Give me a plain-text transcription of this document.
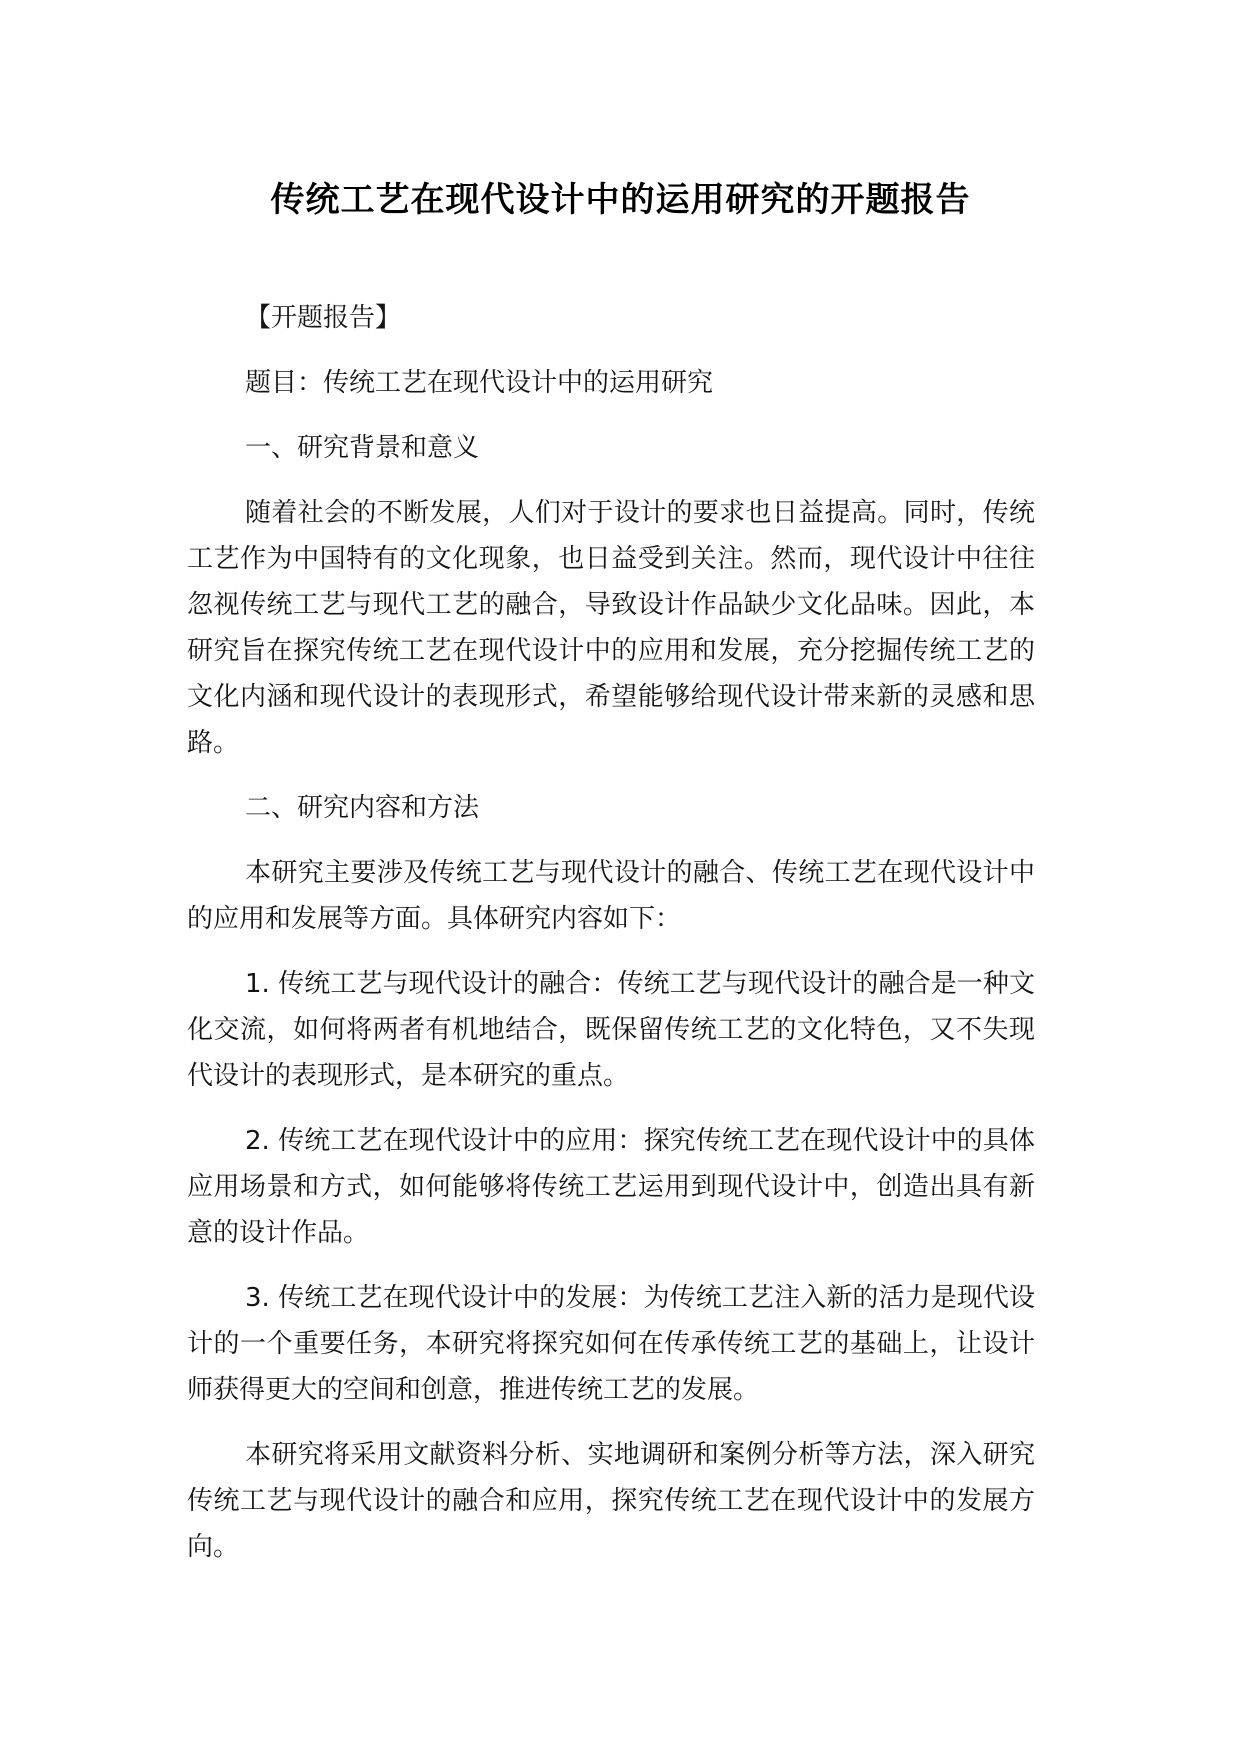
传统工艺在现代设计中的运用研究的开题报告

【开题报告】

题目：传统工艺在现代设计中的运用研究

一、研究背景和意义

随着社会的不断发展，人们对于设计的要求也日益提高。同时，传统工艺作为中国特有的文化现象，也日益受到关注。然而，现代设计中往往忽视传统工艺与现代工艺的融合，导致设计作品缺少文化品味。因此，本研究旨在探究传统工艺在现代设计中的应用和发展，充分挖掘传统工艺的文化内涵和现代设计的表现形式，希望能够给现代设计带来新的灵感和思路。

二、研究内容和方法

本研究主要涉及传统工艺与现代设计的融合、传统工艺在现代设计中的应用和发展等方面。具体研究内容如下：

1. 传统工艺与现代设计的融合：传统工艺与现代设计的融合是一种文化交流，如何将两者有机地结合，既保留传统工艺的文化特色，又不失现代设计的表现形式，是本研究的重点。

2. 传统工艺在现代设计中的应用：探究传统工艺在现代设计中的具体应用场景和方式，如何能够将传统工艺运用到现代设计中，创造出具有新意的设计作品。

3. 传统工艺在现代设计中的发展：为传统工艺注入新的活力是现代设计的一个重要任务，本研究将探究如何在传承传统工艺的基础上，让设计师获得更大的空间和创意，推进传统工艺的发展。

本研究将采用文献资料分析、实地调研和案例分析等方法，深入研究传统工艺与现代设计的融合和应用，探究传统工艺在现代设计中的发展方向。
